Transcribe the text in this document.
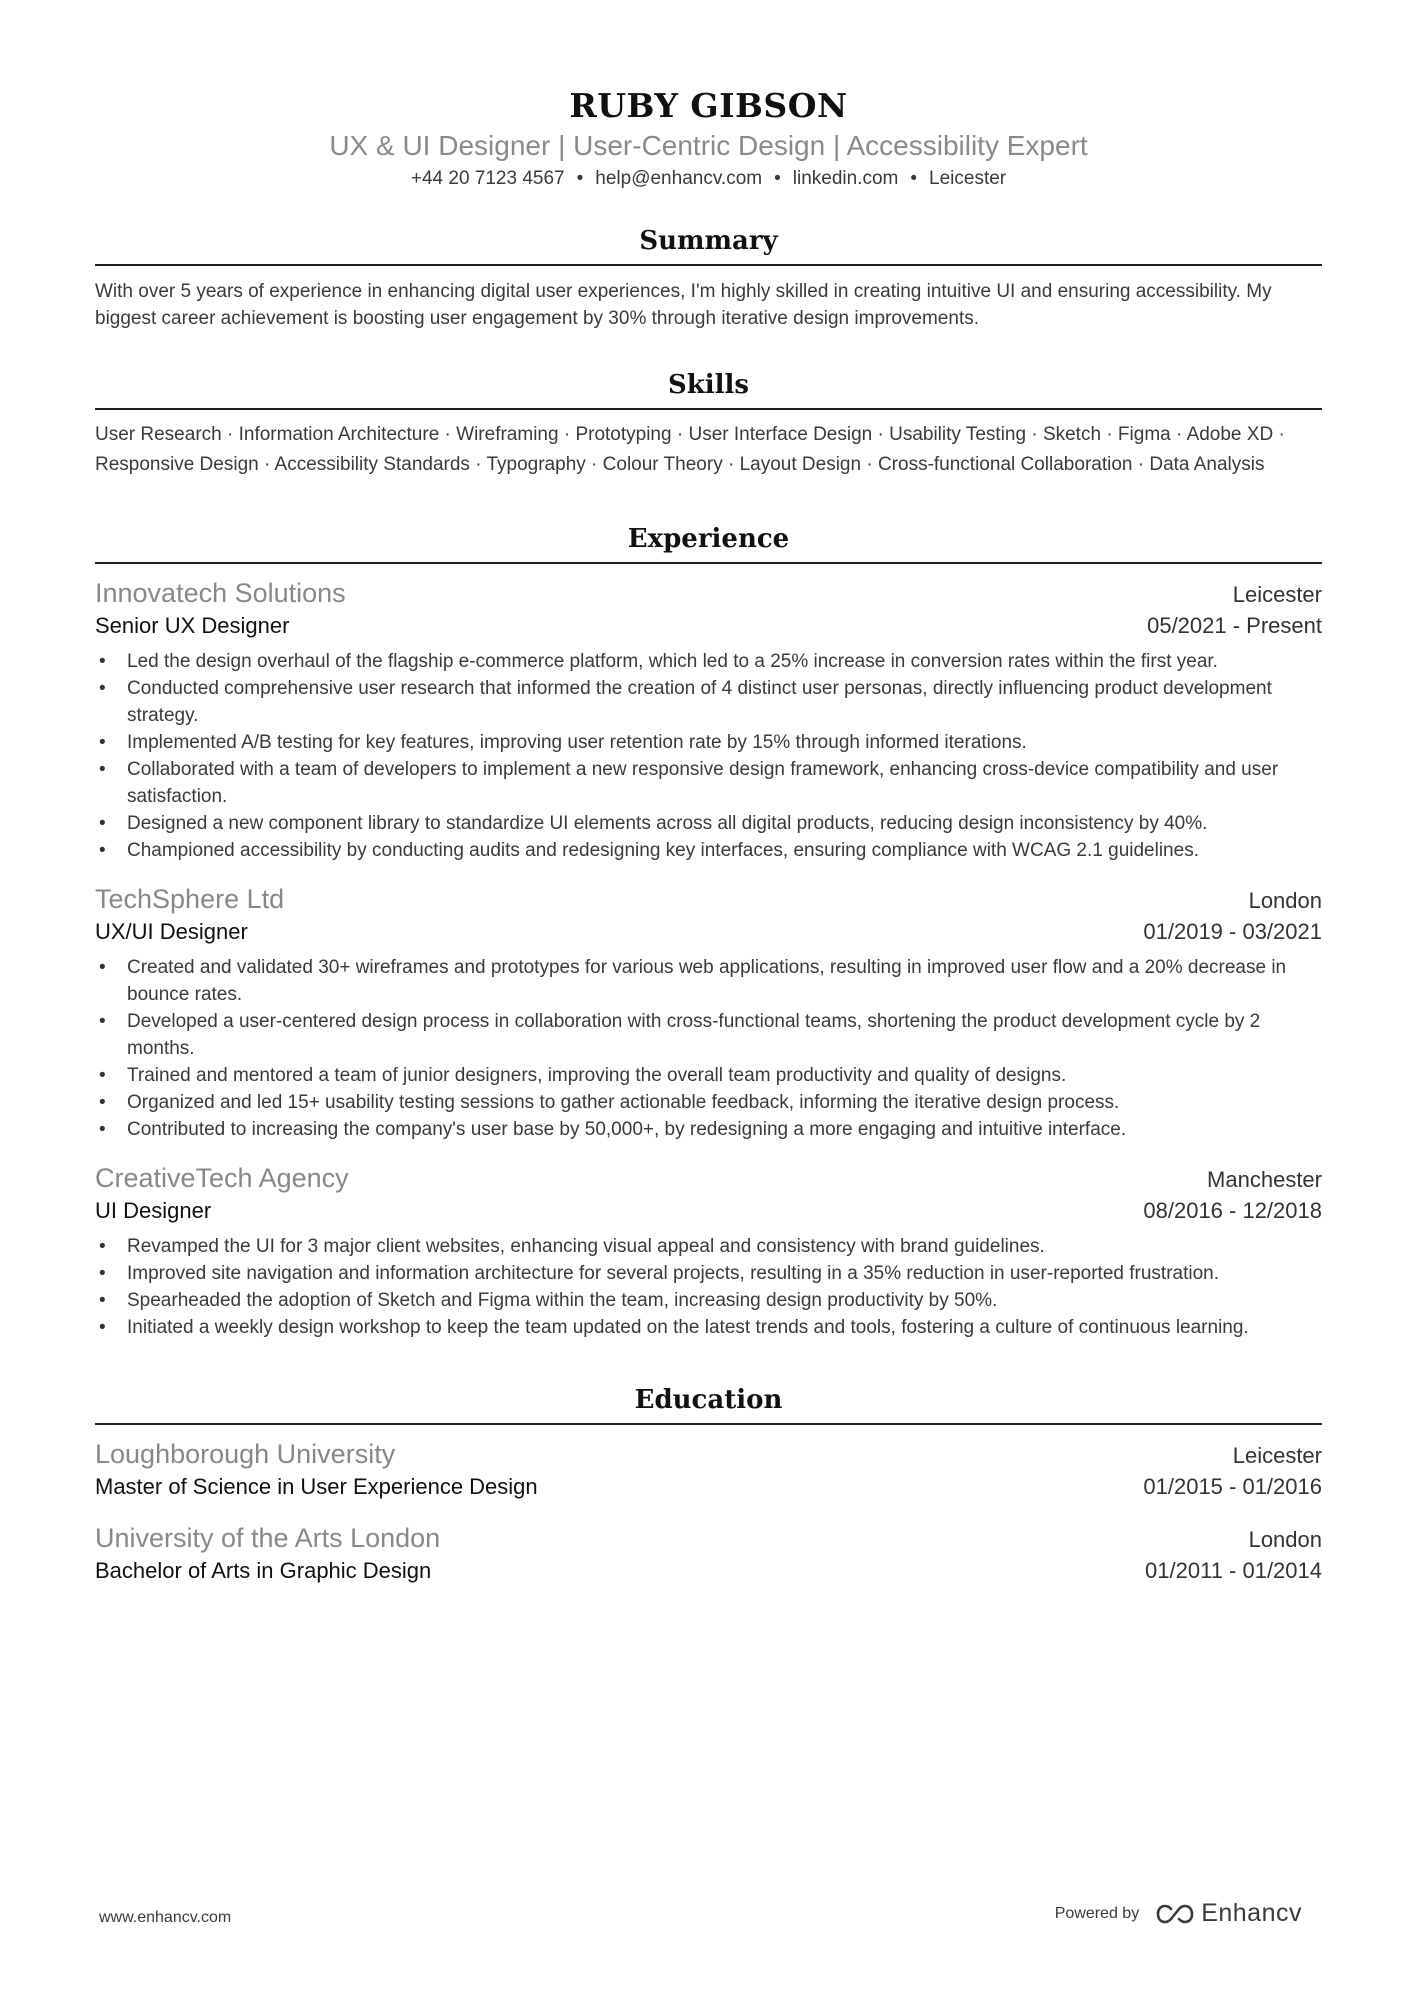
RUBY GIBSON
UX & UI Designer | User-Centric Design | Accessibility Expert
+44 20 7123 4567 • help@enhancv.com • linkedin.com • Leicester
Summary
With over 5 years of experience in enhancing digital user experiences, I'm highly skilled in creating intuitive UI and ensuring accessibility. My biggest career achievement is boosting user engagement by 30% through iterative design improvements.
Skills
User Research · Information Architecture · Wireframing · Prototyping · User Interface Design · Usability Testing · Sketch · Figma · Adobe XD · Responsive Design · Accessibility Standards · Typography · Colour Theory · Layout Design · Cross-functional Collaboration · Data Analysis
Experience
Innovatech Solutions	Leicester
Senior UX Designer	05/2021 - Present
• Led the design overhaul of the flagship e-commerce platform, which led to a 25% increase in conversion rates within the first year.
• Conducted comprehensive user research that informed the creation of 4 distinct user personas, directly influencing product development strategy.
• Implemented A/B testing for key features, improving user retention rate by 15% through informed iterations.
• Collaborated with a team of developers to implement a new responsive design framework, enhancing cross-device compatibility and user satisfaction.
• Designed a new component library to standardize UI elements across all digital products, reducing design inconsistency by 40%.
• Championed accessibility by conducting audits and redesigning key interfaces, ensuring compliance with WCAG 2.1 guidelines.
TechSphere Ltd	London
UX/UI Designer	01/2019 - 03/2021
• Created and validated 30+ wireframes and prototypes for various web applications, resulting in improved user flow and a 20% decrease in bounce rates.
• Developed a user-centered design process in collaboration with cross-functional teams, shortening the product development cycle by 2 months.
• Trained and mentored a team of junior designers, improving the overall team productivity and quality of designs.
• Organized and led 15+ usability testing sessions to gather actionable feedback, informing the iterative design process.
• Contributed to increasing the company's user base by 50,000+, by redesigning a more engaging and intuitive interface.
CreativeTech Agency	Manchester
UI Designer	08/2016 - 12/2018
• Revamped the UI for 3 major client websites, enhancing visual appeal and consistency with brand guidelines.
• Improved site navigation and information architecture for several projects, resulting in a 35% reduction in user-reported frustration.
• Spearheaded the adoption of Sketch and Figma within the team, increasing design productivity by 50%.
• Initiated a weekly design workshop to keep the team updated on the latest trends and tools, fostering a culture of continuous learning.
Education
Loughborough University	Leicester
Master of Science in User Experience Design	01/2015 - 01/2016
University of the Arts London	London
Bachelor of Arts in Graphic Design	01/2011 - 01/2014
www.enhancv.com	Powered by Enhancv
